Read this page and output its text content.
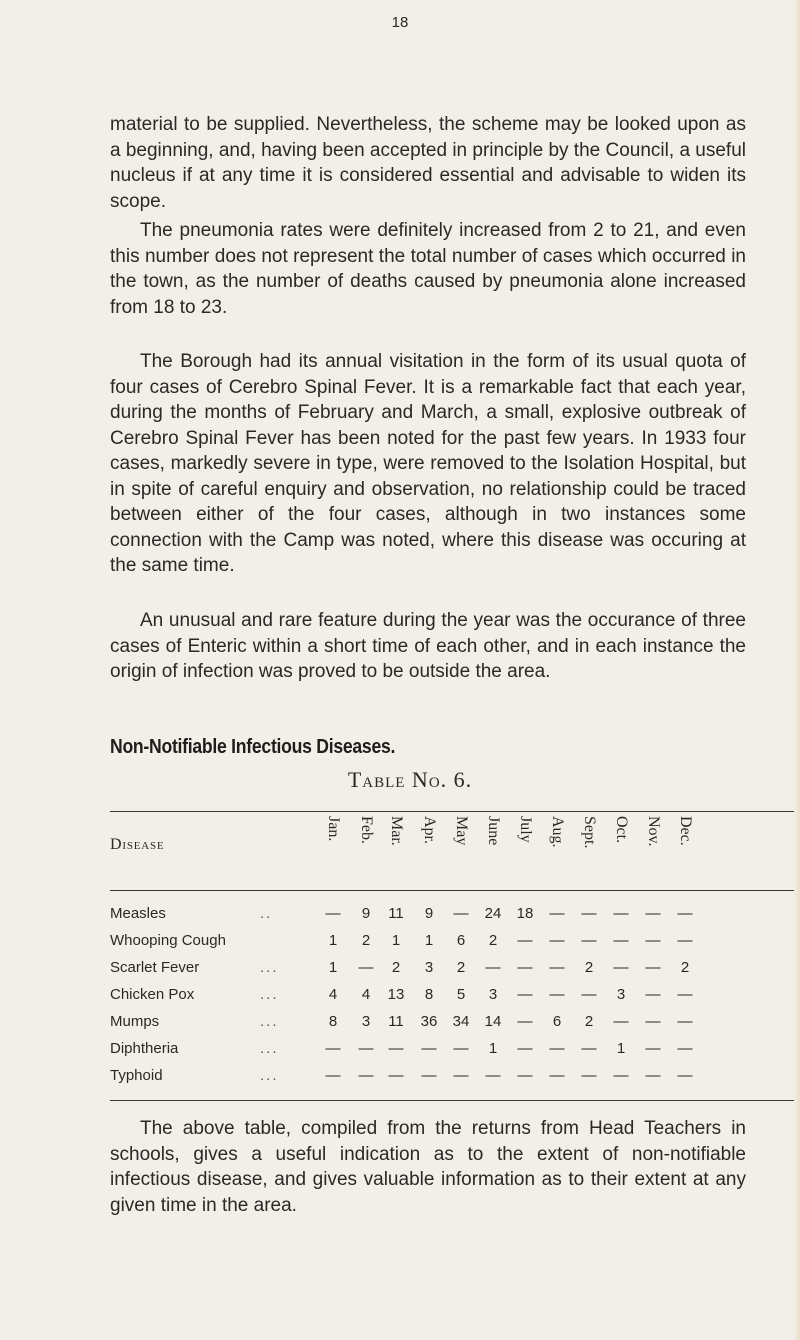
18

material to be supplied. Nevertheless, the scheme may be looked upon as a beginning, and, having been accepted in principle by the Council, a useful nucleus if at any time it is considered essential and advisable to widen its scope.

The pneumonia rates were definitely increased from 2 to 21, and even this number does not represent the total number of cases which occurred in the town, as the number of deaths caused by pneumonia alone increased from 18 to 23.

The Borough had its annual visitation in the form of its usual quota of four cases of Cerebro Spinal Fever. It is a remarkable fact that each year, during the months of February and March, a small, explosive outbreak of Cerebro Spinal Fever has been noted for the past few years. In 1933 four cases, markedly severe in type, were removed to the Isolation Hospital, but in spite of careful enquiry and observation, no relationship could be traced between either of the four cases, although in two instances some connection with the Camp was noted, where this disease was occuring at the same time.

An unusual and rare feature during the year was the occurance of three cases of Enteric within a short time of each other, and in each instance the origin of infection was proved to be outside the area.

Non-Notifiable Infectious Diseases.
Table No. 6.
Disease
Jan. Feb. Mar. Apr. May June July Aug. Sept. Oct. Nov. Dec.
Measles	..	—	9	11	9	—	24	18	—	—	—	—	—
Whooping Cough	1	2	1	1	6	2	—	—	—	—	—	—
Scarlet Fever	...	1	—	2	3	2	—	—	—	2	—	—	2
Chicken Pox	...	4	4	13	8	5	3	—	—	—	3	—	—
Mumps	...	8	3	11	36	34	14	—	6	2	—	—	—
Diphtheria	...	—	—	—	—	—	1	—	—	—	1	—	—
Typhoid	...	—	—	—	—	—	—	—	—	—	—	—	—

The above table, compiled from the returns from Head Teachers in schools, gives a useful indication as to the extent of non-notifiable infectious disease, and gives valuable information as to their extent at any given time in the area.
